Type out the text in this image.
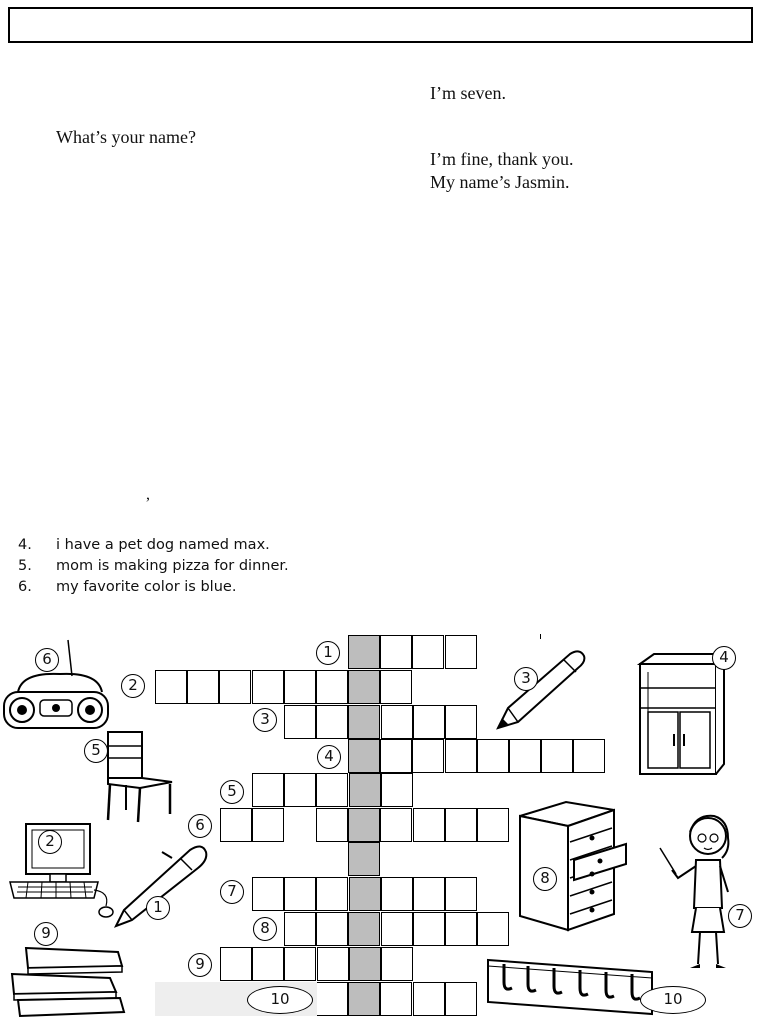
What’s your name?
I’m seven.
I’m fine, thank you.
My name’s Jasmin.
,
4. i have a pet dog named max.
5. mom is making pizza for dinner.
6. my favorite color is blue.
1
2
3
4
5
6
7
8
9
10
6
2
5
1
9
3
4
8
7
10
